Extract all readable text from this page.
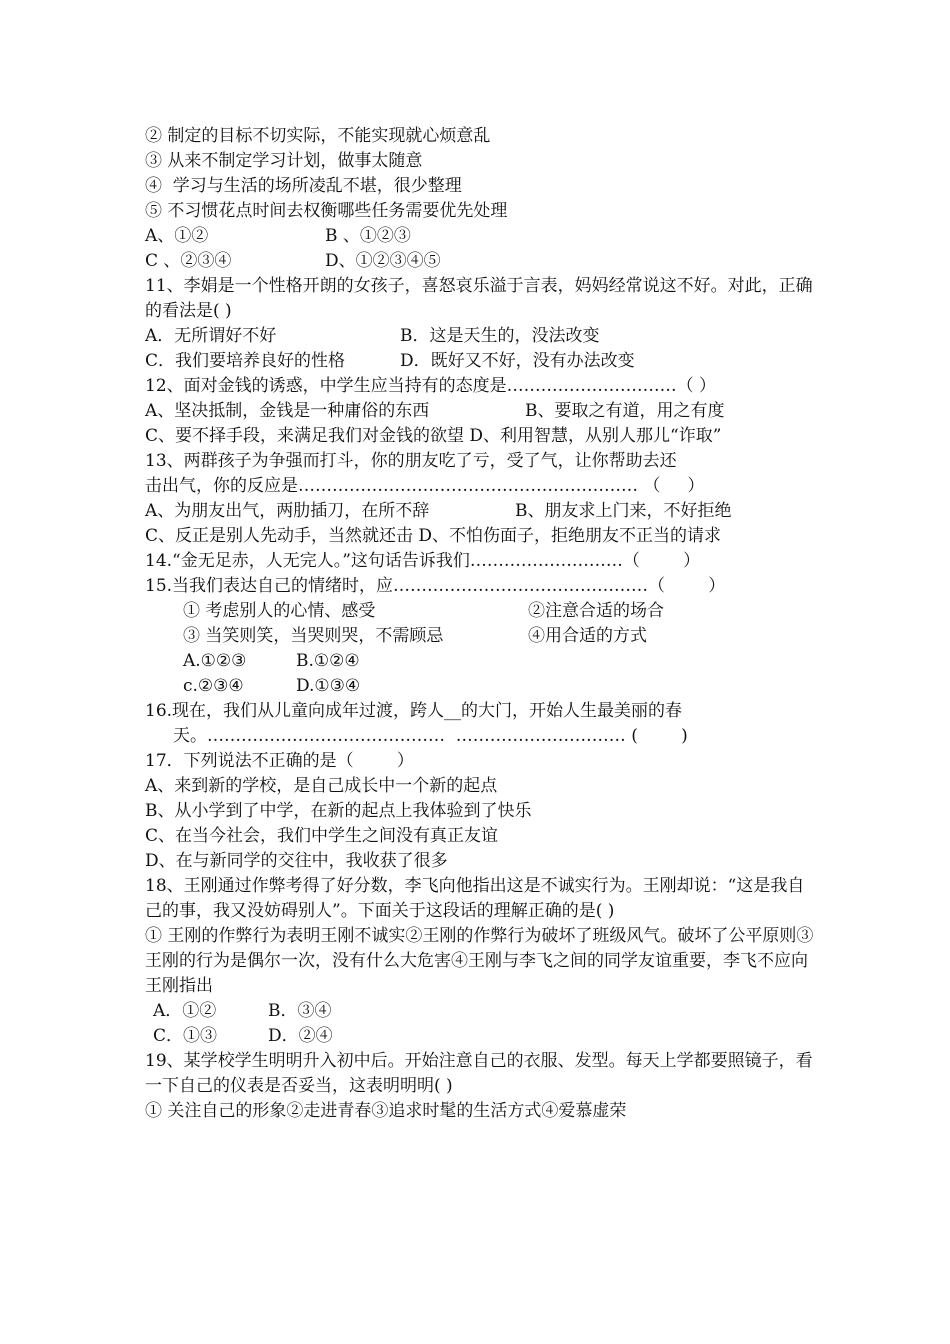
② 制定的目标不切实际，不能实现就心烦意乱
③ 从来不制定学习计划，做事太随意
④  学习与生活的场所凌乱不堪，很少整理
⑤ 不习惯花点时间去权衡哪些任务需要优先处理
A、①②	B 、①②③
C 、②③④	D、①②③④⑤
11、李娟是一个性格开朗的女孩子，喜怒哀乐溢于言表，妈妈经常说这不好。对此，正确的看法是( )
A．无所谓好不好	B．这是天生的，没法改变
C．我们要培养良好的性格	D．既好又不好，没有办法改变
12、面对金钱的诱惑，中学生应当持有的态度是…………………………（ ）
A、坚决抵制，金钱是一种庸俗的东西	B、要取之有道，用之有度
C、要不择手段，来满足我们对金钱的欲望 D、利用智慧，从别人那儿“诈取”
13、两群孩子为争强而打斗，你的朋友吃了亏，受了气，让你帮助去还
击出气，你的反应是…………………………………………………… （     ）
A、为朋友出气，两肋插刀，在所不辞	B、朋友求上门来，不好拒绝
C、反正是别人先动手，当然就还击 D、不怕伤面子，拒绝朋友不正当的请求
14.“金无足赤，人无完人。”这句话告诉我们………………………（        ）
15.当我们表达自己的情绪时，应………………………………………（        ）
① 考虑别人的心情、感受	②注意合适的场合
③ 当笑则笑，当哭则哭，不需顾忌	④用合适的方式
A.①②③	B.①②④
c.②③④	D.①③④
16.现在，我们从儿童向成年过渡，跨人__的大门，开始人生最美丽的春
天。……………………………………  ………………………… (        )
17．下列说法不正确的是（        ）
A、来到新的学校，是自己成长中一个新的起点
B、从小学到了中学，在新的起点上我体验到了快乐
C、在当今社会，我们中学生之间没有真正友谊
D、在与新同学的交往中，我收获了很多
18、王刚通过作弊考得了好分数，李飞向他指出这是不诚实行为。王刚却说：“这是我自己的事，我又没妨碍别人”。下面关于这段话的理解正确的是( )
① 王刚的作弊行为表明王刚不诚实②王刚的作弊行为破坏了班级风气。破坏了公平原则③王刚的行为是偶尔一次，没有什么大危害④王刚与李飞之间的同学友谊重要，李飞不应向王刚指出
A．①②	B．③④
C．①③	D．②④
19、某学校学生明明升入初中后。开始注意自己的衣服、发型。每天上学都要照镜子，看一下自己的仪表是否妥当，这表明明明( )
① 关注自己的形象②走进青春③追求时髦的生活方式④爱慕虚荣
